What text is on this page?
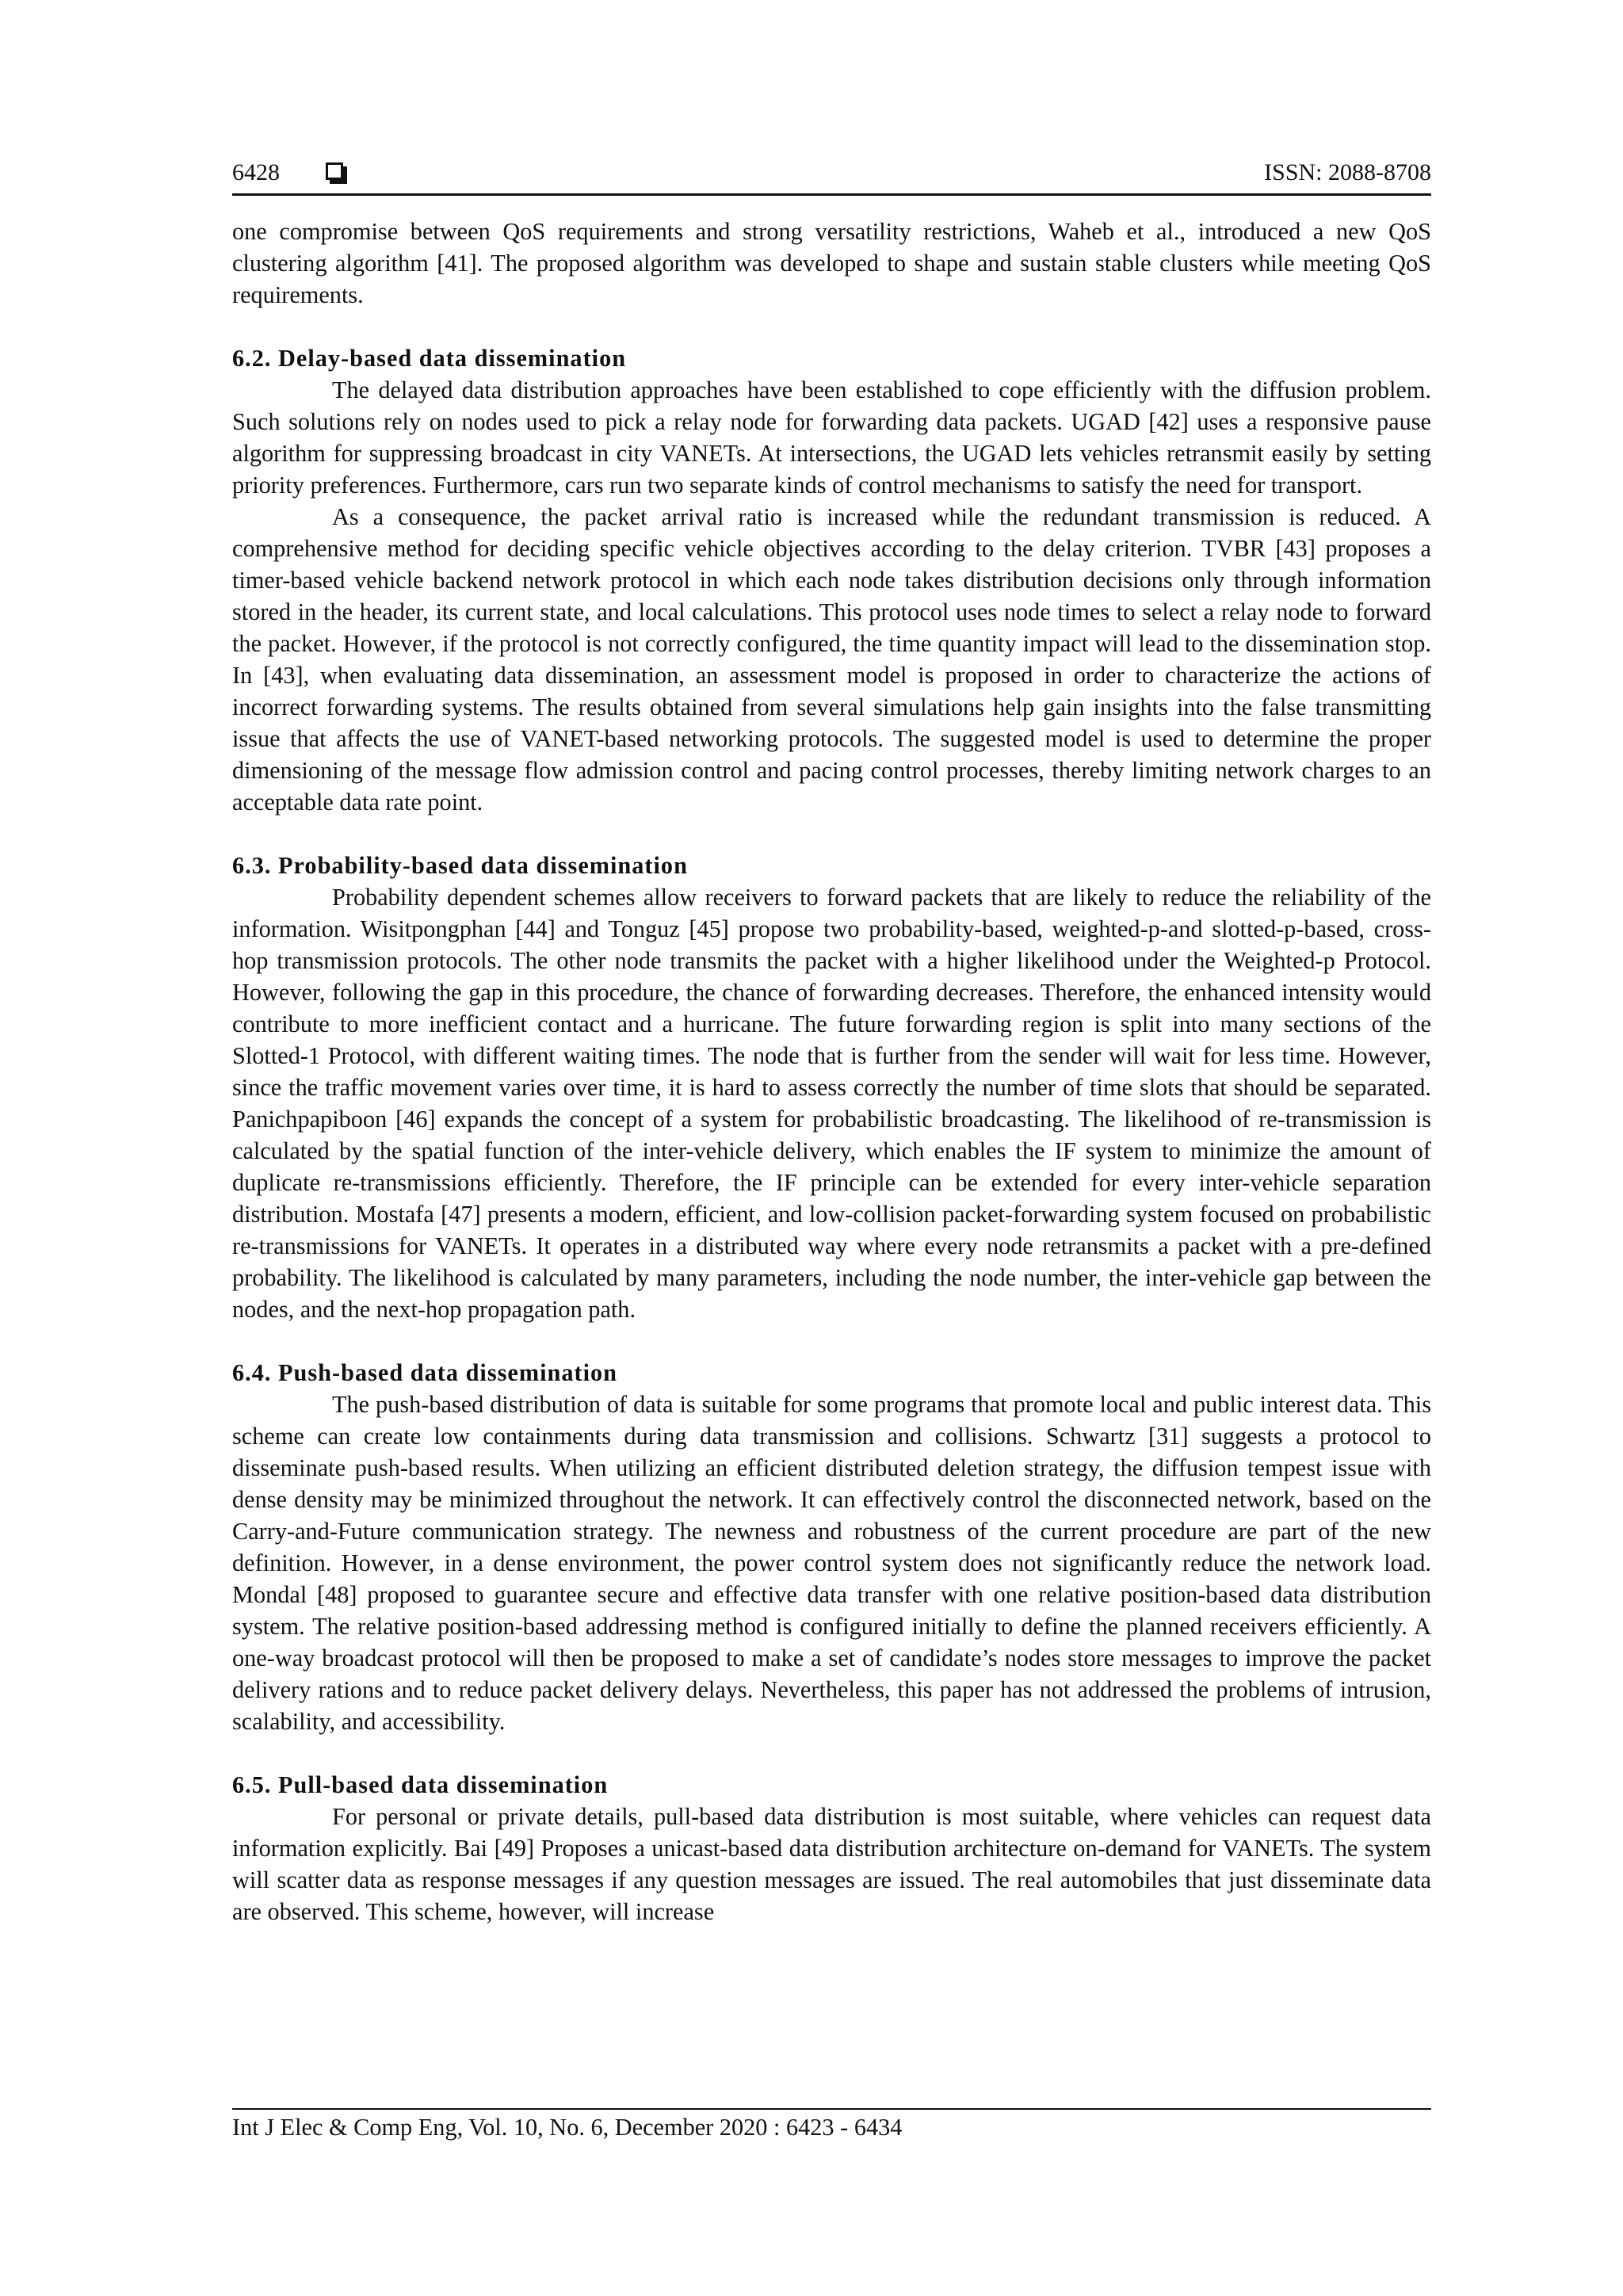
6428	ISSN: 2088-8708

one compromise between QoS requirements and strong versatility restrictions, Waheb et al., introduced a new QoS clustering algorithm [41]. The proposed algorithm was developed to shape and sustain stable clusters while meeting QoS requirements.

6.2. Delay-based data dissemination

The delayed data distribution approaches have been established to cope efficiently with the diffusion problem. Such solutions rely on nodes used to pick a relay node for forwarding data packets. UGAD [42] uses a responsive pause algorithm for suppressing broadcast in city VANETs. At intersections, the UGAD lets vehicles retransmit easily by setting priority preferences. Furthermore, cars run two separate kinds of control mechanisms to satisfy the need for transport.

As a consequence, the packet arrival ratio is increased while the redundant transmission is reduced. A comprehensive method for deciding specific vehicle objectives according to the delay criterion. TVBR [43] proposes a timer-based vehicle backend network protocol in which each node takes distribution decisions only through information stored in the header, its current state, and local calculations. This protocol uses node times to select a relay node to forward the packet. However, if the protocol is not correctly configured, the time quantity impact will lead to the dissemination stop. In [43], when evaluating data dissemination, an assessment model is proposed in order to characterize the actions of incorrect forwarding systems. The results obtained from several simulations help gain insights into the false transmitting issue that affects the use of VANET-based networking protocols. The suggested model is used to determine the proper dimensioning of the message flow admission control and pacing control processes, thereby limiting network charges to an acceptable data rate point.

6.3. Probability-based data dissemination

Probability dependent schemes allow receivers to forward packets that are likely to reduce the reliability of the information. Wisitpongphan [44] and Tonguz [45] propose two probability-based, weighted-p-and slotted-p-based, cross-hop transmission protocols. The other node transmits the packet with a higher likelihood under the Weighted-p Protocol. However, following the gap in this procedure, the chance of forwarding decreases. Therefore, the enhanced intensity would contribute to more inefficient contact and a hurricane. The future forwarding region is split into many sections of the Slotted-1 Protocol, with different waiting times. The node that is further from the sender will wait for less time. However, since the traffic movement varies over time, it is hard to assess correctly the number of time slots that should be separated. Panichpapiboon [46] expands the concept of a system for probabilistic broadcasting. The likelihood of re-transmission is calculated by the spatial function of the inter-vehicle delivery, which enables the IF system to minimize the amount of duplicate re-transmissions efficiently. Therefore, the IF principle can be extended for every inter-vehicle separation distribution. Mostafa [47] presents a modern, efficient, and low-collision packet-forwarding system focused on probabilistic re-transmissions for VANETs. It operates in a distributed way where every node retransmits a packet with a pre-defined probability. The likelihood is calculated by many parameters, including the node number, the inter-vehicle gap between the nodes, and the next-hop propagation path.

6.4. Push-based data dissemination

The push-based distribution of data is suitable for some programs that promote local and public interest data. This scheme can create low containments during data transmission and collisions. Schwartz [31] suggests a protocol to disseminate push-based results. When utilizing an efficient distributed deletion strategy, the diffusion tempest issue with dense density may be minimized throughout the network. It can effectively control the disconnected network, based on the Carry-and-Future communication strategy. The newness and robustness of the current procedure are part of the new definition. However, in a dense environment, the power control system does not significantly reduce the network load. Mondal [48] proposed to guarantee secure and effective data transfer with one relative position-based data distribution system. The relative position-based addressing method is configured initially to define the planned receivers efficiently. A one-way broadcast protocol will then be proposed to make a set of candidate’s nodes store messages to improve the packet delivery rations and to reduce packet delivery delays. Nevertheless, this paper has not addressed the problems of intrusion, scalability, and accessibility.

6.5. Pull-based data dissemination

For personal or private details, pull-based data distribution is most suitable, where vehicles can request data information explicitly. Bai [49] Proposes a unicast-based data distribution architecture on-demand for VANETs. The system will scatter data as response messages if any question messages are issued. The real automobiles that just disseminate data are observed. This scheme, however, will increase

Int J Elec & Comp Eng, Vol. 10, No. 6, December 2020 : 6423 - 6434
